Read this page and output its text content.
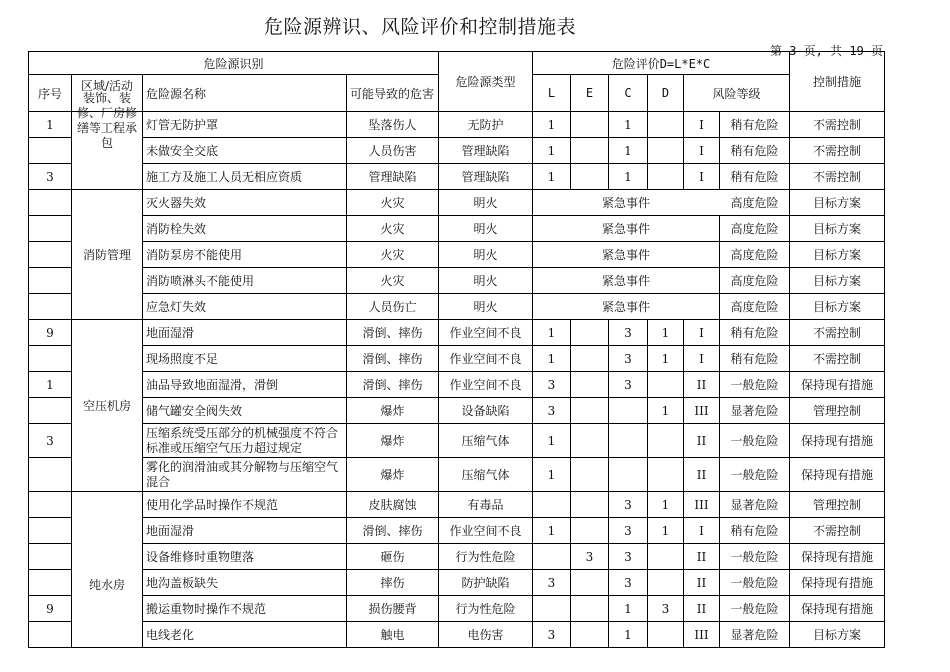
危险源辨识、风险评价和控制措施表
第 3 页, 共 19 页
危险源识别				危险源类型	危险评价D=L*E*C						控制措施
序号	区域/活动	危险源名称	可能导致的危害		L	E	C	D	风险等级		
1	装饰、装修、厂房修缮等工程承包	灯管无防护罩	坠落伤人	无防护	1		1		I	稍有危险	不需控制
		未做安全交底	人员伤害	管理缺陷	1		1		I	稍有危险	不需控制
3		施工方及施工人员无相应资质	管理缺陷	管理缺陷	1		1		I	稍有危险	不需控制
	消防管理	灭火器失效	火灾	明火	紧急事件					高度危险	目标方案
		消防栓失效	火灾	明火	紧急事件					高度危险	目标方案
		消防泵房不能使用	火灾	明火	紧急事件					高度危险	目标方案
		消防喷淋头不能使用	火灾	明火	紧急事件					高度危险	目标方案
		应急灯失效	人员伤亡	明火	紧急事件					高度危险	目标方案
9	空压机房	地面湿滑	滑倒、摔伤	作业空间不良	1		3	1	I	稍有危险	不需控制
		现场照度不足	滑倒、摔伤	作业空间不良	1		3	1	I	稍有危险	不需控制
1		油品导致地面湿滑，滑倒	滑倒、摔伤	作业空间不良	3		3		II	一般危险	保持现有措施
		储气罐安全阀失效	爆炸	设备缺陷	3			1	III	显著危险	管理控制
3		压缩系统受压部分的机械强度不符合标准或压缩空气压力超过规定	爆炸	压缩气体	1				II	一般危险	保持现有措施
		雾化的润滑油或其分解物与压缩空气混合	爆炸	压缩气体	1				II	一般危险	保持现有措施
	纯水房	使用化学品时操作不规范	皮肤腐蚀	有毒品			3	1	III	显著危险	管理控制
		地面湿滑	滑倒、摔伤	作业空间不良	1		3	1	I	稍有危险	不需控制
		设备维修时重物堕落	砸伤	行为性危险		3	3		II	一般危险	保持现有措施
		地沟盖板缺失	摔伤	防护缺陷	3		3		II	一般危险	保持现有措施
9		搬运重物时操作不规范	损伤腰背	行为性危险			1	3	II	一般危险	保持现有措施
		电线老化	触电	电伤害	3		1		III	显著危险	目标方案
